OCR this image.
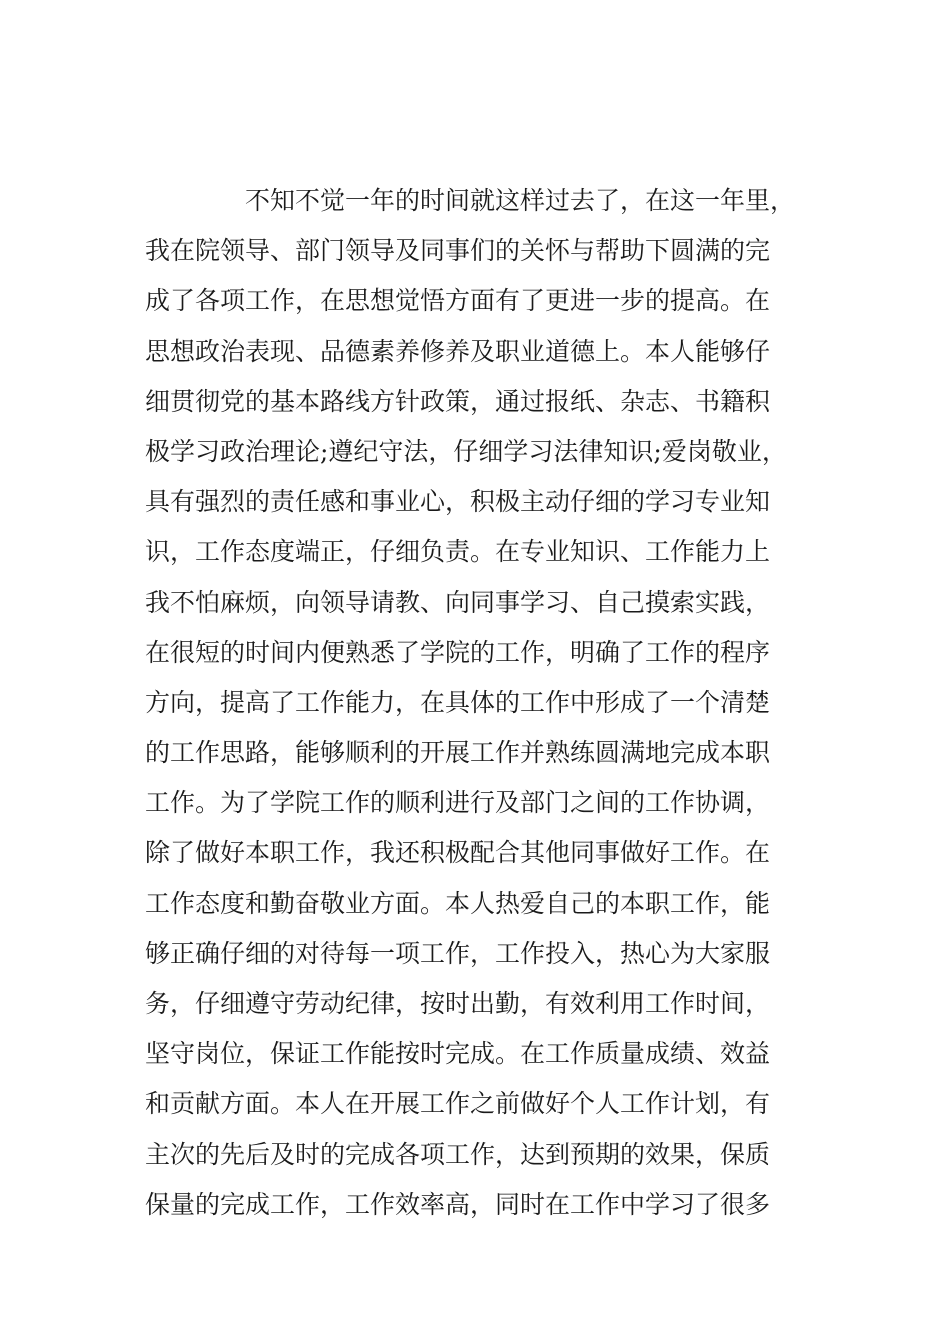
不知不觉一年的时间就这样过去了，在这一年里，
我在院领导、部门领导及同事们的关怀与帮助下圆满的完
成了各项工作，在思想觉悟方面有了更进一步的提高。在
思想政治表现、品德素养修养及职业道德上。本人能够仔
细贯彻党的基本路线方针政策，通过报纸、杂志、书籍积
极学习政治理论;遵纪守法，仔细学习法律知识;爱岗敬业，
具有强烈的责任感和事业心，积极主动仔细的学习专业知
识，工作态度端正，仔细负责。在专业知识、工作能力上
我不怕麻烦，向领导请教、向同事学习、自己摸索实践，
在很短的时间内便熟悉了学院的工作，明确了工作的程序
方向，提高了工作能力，在具体的工作中形成了一个清楚
的工作思路，能够顺利的开展工作并熟练圆满地完成本职
工作。为了学院工作的顺利进行及部门之间的工作协调，
除了做好本职工作，我还积极配合其他同事做好工作。在
工作态度和勤奋敬业方面。本人热爱自己的本职工作，能
够正确仔细的对待每一项工作，工作投入，热心为大家服
务，仔细遵守劳动纪律，按时出勤，有效利用工作时间，
坚守岗位，保证工作能按时完成。在工作质量成绩、效益
和贡献方面。本人在开展工作之前做好个人工作计划，有
主次的先后及时的完成各项工作，达到预期的效果，保质
保量的完成工作，工作效率高，同时在工作中学习了很多
